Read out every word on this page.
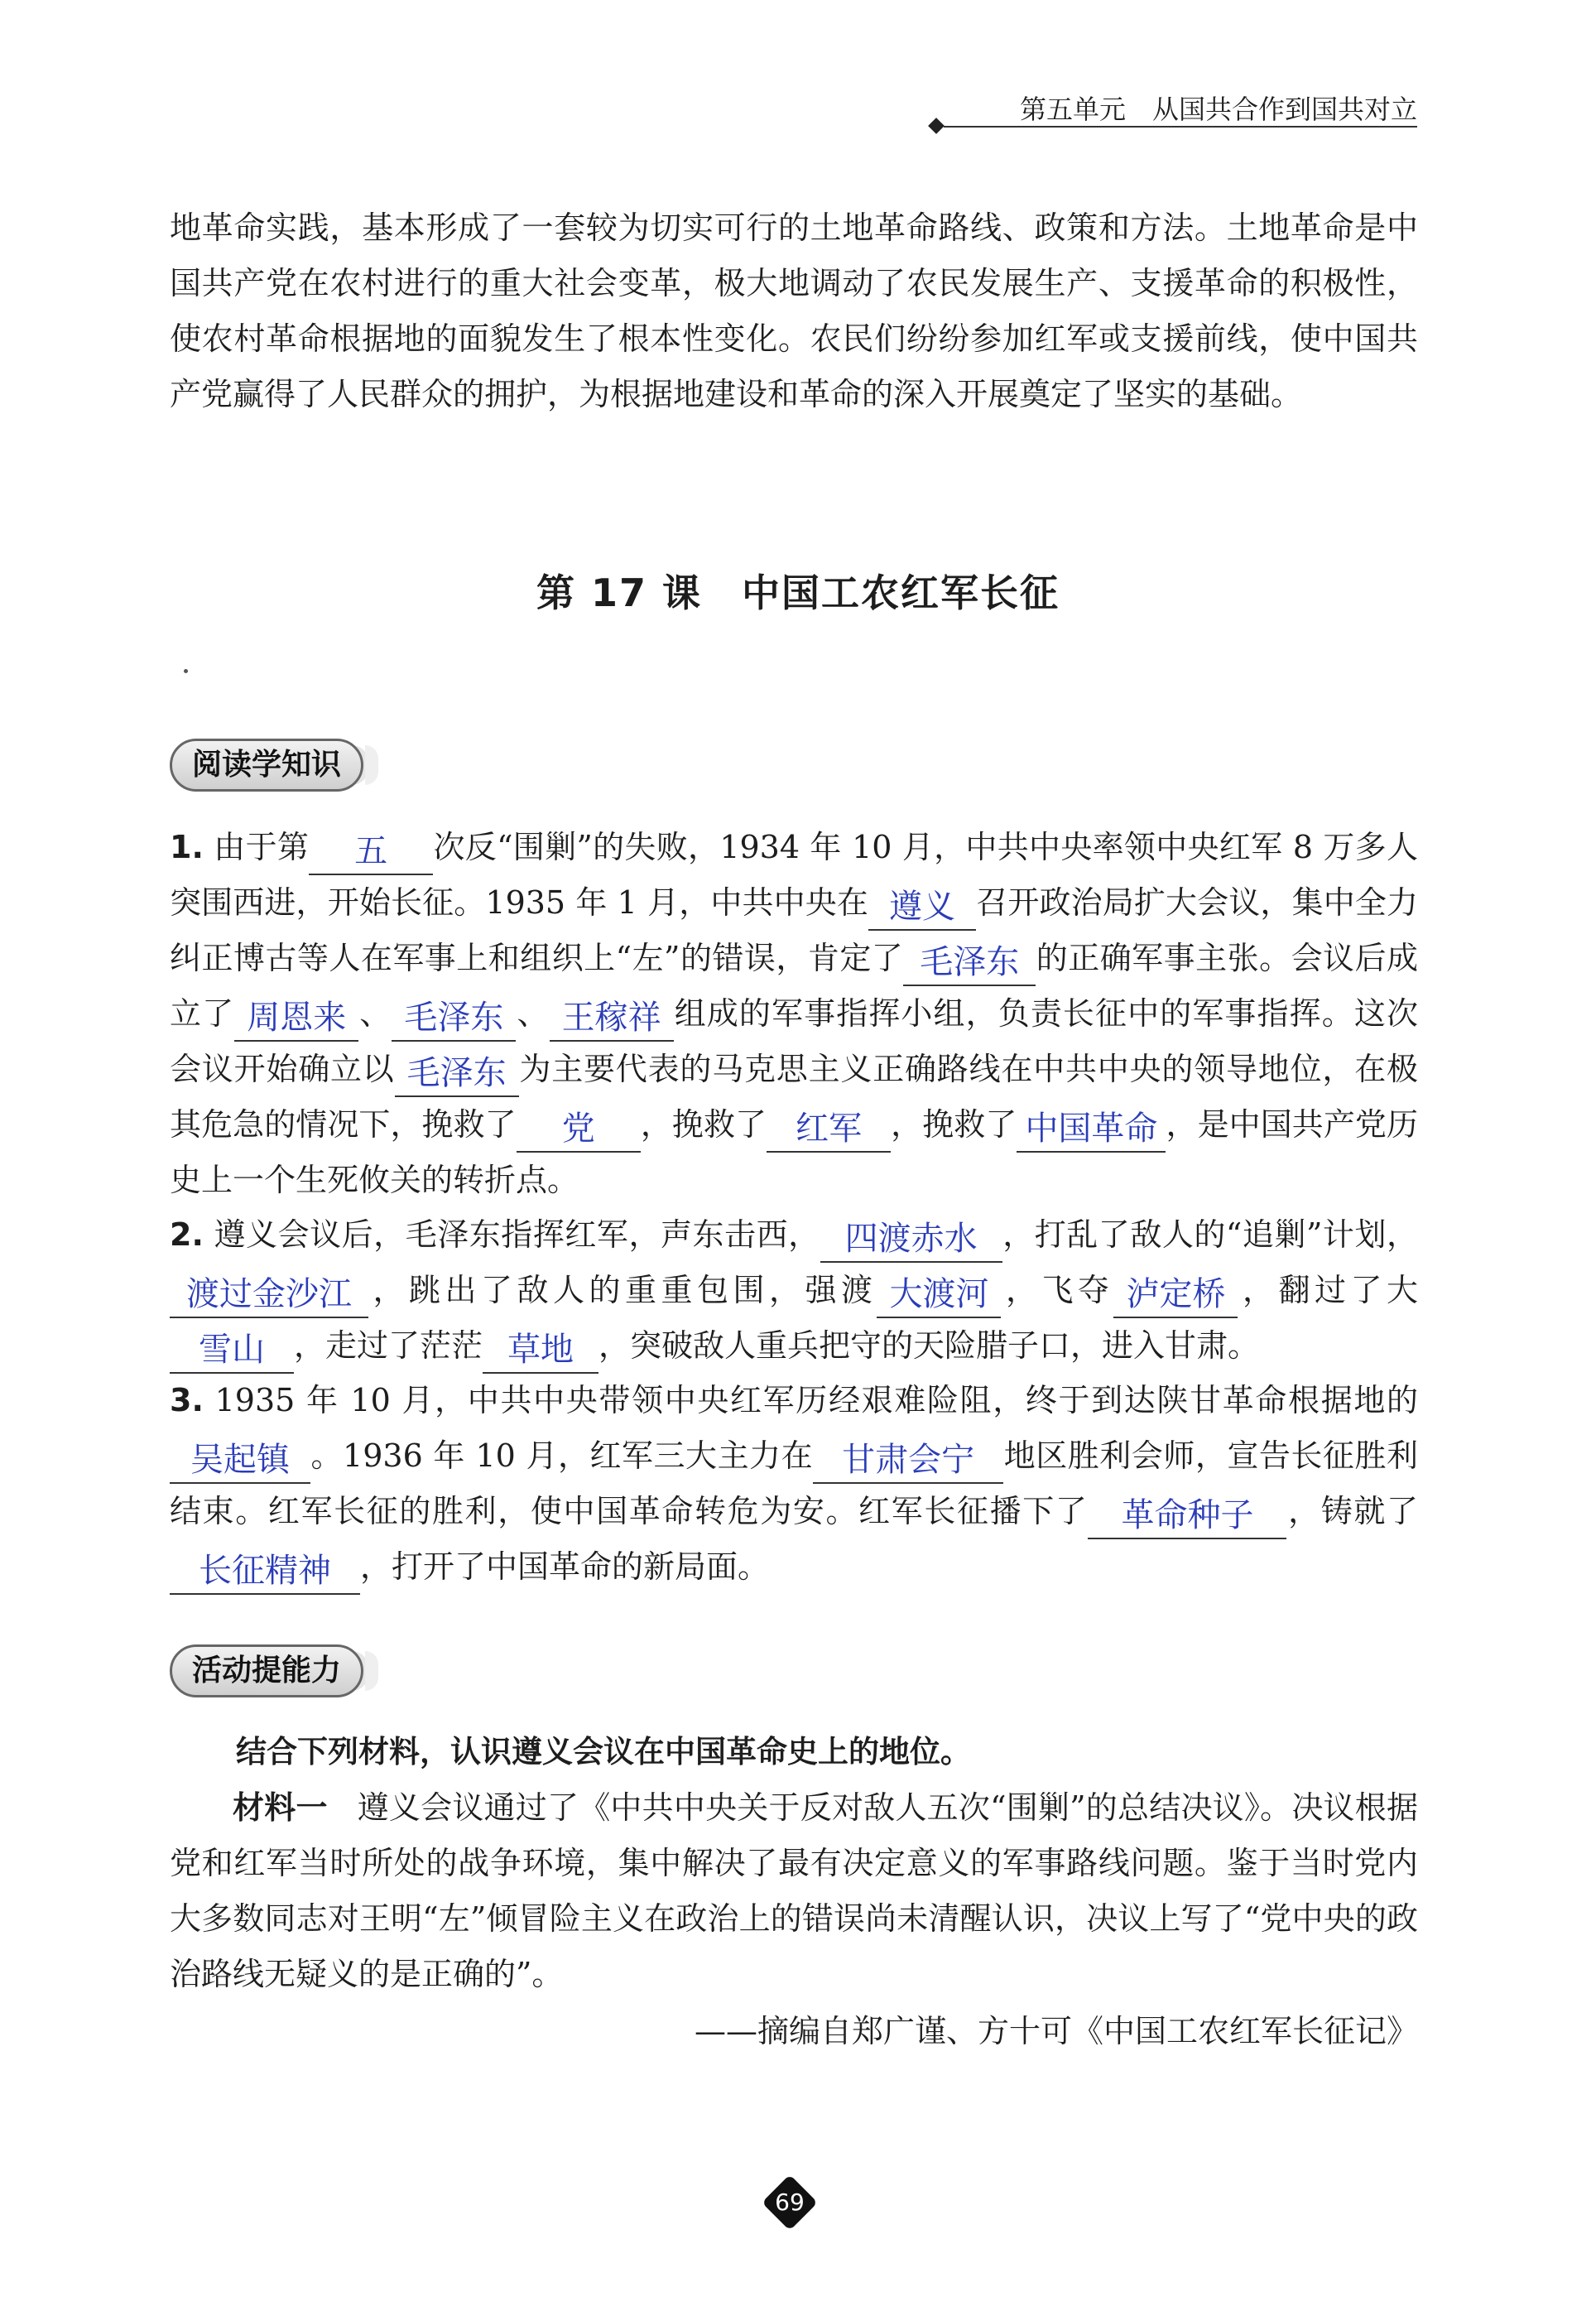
第五单元　从国共合作到国共对立
地革命实践，基本形成了一套较为切实可行的土地革命路线、政策和方法。土地革命是中国共产党在农村进行的重大社会变革，极大地调动了农民发展生产、支援革命的积极性，使农村革命根据地的面貌发生了根本性变化。农民们纷纷参加红军或支援前线，使中国共产党赢得了人民群众的拥护，为根据地建设和革命的深入开展奠定了坚实的基础。
第 17 课　中国工农红军长征
阅读学知识
1. 由于第	五	次反“围剿”的失败，1934 年 10 月，中共中央率领中央红军 8 万多人突围西进，开始长征。1935 年 1 月，中共中央在 遵义 召开政治局扩大会议，集中全力纠正博古等人在军事上和组织上“左”的错误，肯定了 毛泽东 的正确军事主张。会议后成立了 周恩来 、 毛泽东 、 王稼祥 组成的军事指挥小组，负责长征中的军事指挥。这次会议开始确立以 毛泽东 为主要代表的马克思主义正确路线在中共中央的领导地位，在极其危急的情况下，挽救了	党	，挽救了 红军 ，挽救了 中国革命 ，是中国共产党历史上一个生死攸关的转折点。
2. 遵义会议后，毛泽东指挥红军，声东击西， 四渡赤水 ，打乱了敌人的“追剿”计划，
渡过金沙江 ，跳出了敌人的重重包围，强渡 大渡河 ，飞夺 泸定桥 ，翻过了大
雪山 ，走过了茫茫 草地 ，突破敌人重兵把守的天险腊子口，进入甘肃。
3. 1935 年 10 月，中共中央带领中央红军历经艰难险阻，终于到达陕甘革命根据地的
吴起镇 。1936 年 10 月，红军三大主力在 甘肃会宁 地区胜利会师，宣告长征胜利结束。红军长征的胜利，使中国革命转危为安。红军长征播下了	革命种子	，铸就了
长征精神 ，打开了中国革命的新局面。
活动提能力
结合下列材料，认识遵义会议在中国革命史上的地位。
材料一 遵义会议通过了《中共中央关于反对敌人五次“围剿”的总结决议》。决议根据党和红军当时所处的战争环境，集中解决了最有决定意义的军事路线问题。鉴于当时党内大多数同志对王明“左”倾冒险主义在政治上的错误尚未清醒认识，决议上写了“党中央的政治路线无疑义的是正确的”。
——摘编自郑广谨、方十可《中国工农红军长征记》
69
